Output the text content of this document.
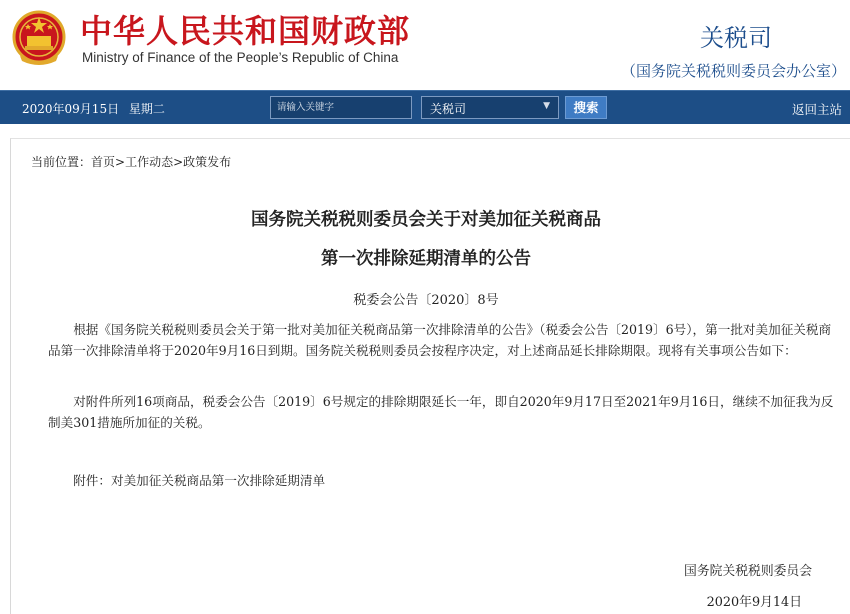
中华人民共和国财政部
Ministry of Finance of the People’s Republic of China
关税司
（国务院关税税则委员会办公室）
2020年09月15日 星期二
请输入关键字	关税司	▼	搜索	返回主站
当前位置：首页>工作动态>政策发布
国务院关税税则委员会关于对美加征关税商品
第一次排除延期清单的公告
税委会公告〔2020〕8号

根据《国务院关税税则委员会关于第一批对美加征关税商品第一次排除清单的公告》（税委会公告〔2019〕6号），第一批对美加征关税商品第一次排除清单将于2020年9月16日到期。国务院关税税则委员会按程序决定，对上述商品延长排除期限。现将有关事项公告如下：

对附件所列16项商品，税委会公告〔2019〕6号规定的排除期限延长一年，即自2020年9月17日至2021年9月16日，继续不加征我为反制美301措施所加征的关税。

附件：对美加征关税商品第一次排除延期清单
国务院关税税则委员会
2020年9月14日
